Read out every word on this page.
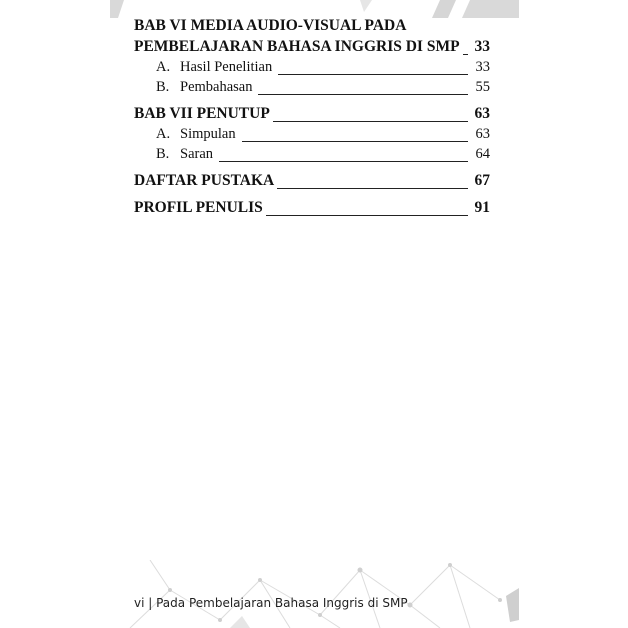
BAB VI MEDIA AUDIO-VISUAL PADA
PEMBELAJARAN BAHASA INGGRIS DI SMP 33
A. Hasil Penelitian	33
B. Pembahasan	55
BAB VII PENUTUP	63
A. Simpulan	63
B. Saran	64
DAFTAR PUSTAKA	67
PROFIL PENULIS	91
vi | Pada Pembelajaran Bahasa Inggris di SMP
